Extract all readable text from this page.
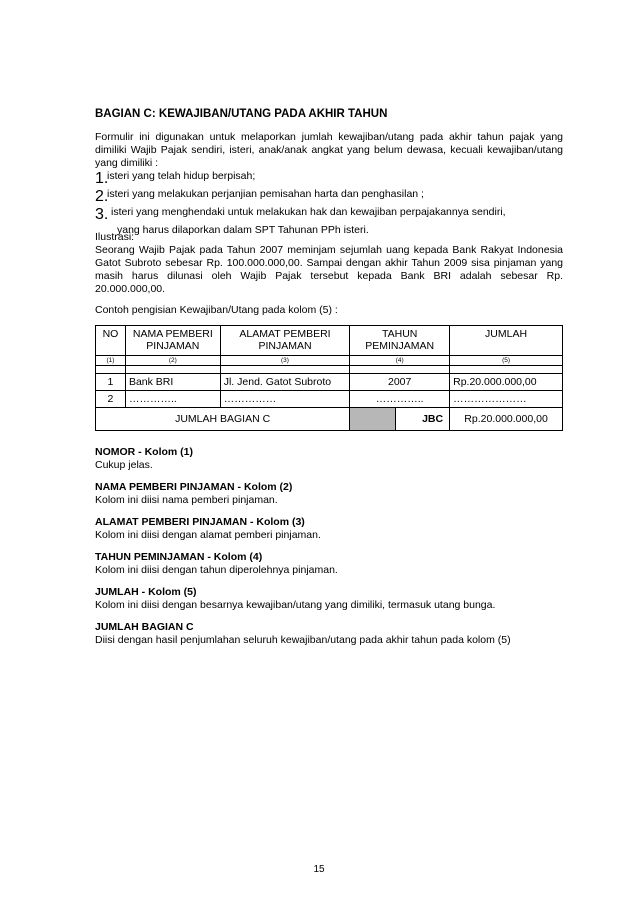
BAGIAN C: KEWAJIBAN/UTANG PADA AKHIR TAHUN

Formulir ini digunakan untuk melaporkan jumlah kewajiban/utang pada akhir tahun pajak yang dimiliki Wajib Pajak sendiri, isteri, anak/anak angkat yang belum dewasa, kecuali kewajiban/utang yang dimiliki :

1.

isteri yang telah hidup berpisah;

2.

isteri yang melakukan perjanjian pemisahan harta dan penghasilan ;

3. isteri yang menghendaki untuk melakukan hak dan kewajiban perpajakannya sendiri,

yang harus dilaporkan dalam SPT Tahunan PPh isteri.

Ilustrasi:

Seorang Wajib Pajak pada Tahun 2007 meminjam sejumlah uang kepada Bank Rakyat Indonesia Gatot Subroto sebesar Rp. 100.000.000,00. Sampai dengan akhir Tahun 2009 sisa pinjaman yang masih harus dilunasi oleh Wajib Pajak tersebut kepada Bank BRI adalah sebesar Rp. 20.000.000,00.

Contoh pengisian Kewajiban/Utang pada kolom (5) :

NO	NAMA PEMBERI PINJAMAN	ALAMAT PEMBERI PINJAMAN	TAHUN PEMINJAMAN	JUMLAH
(1)	(2)	(3)	(4)	(5)

1	Bank BRI	Jl. Jend. Gatot Subroto	2007	Rp.20.000.000,00
2	…………..	……………	…………..	…………………
JUMLAH BAGIAN C			JBC	Rp.20.000.000,00
NOMOR - Kolom (1)

Cukup jelas.

NAMA PEMBERI PINJAMAN - Kolom (2)

Kolom ini diisi nama pemberi pinjaman.

ALAMAT PEMBERI PINJAMAN - Kolom (3)

Kolom ini diisi dengan alamat pemberi pinjaman.

TAHUN PEMINJAMAN - Kolom (4)

Kolom ini diisi dengan tahun diperolehnya pinjaman.

JUMLAH - Kolom (5)

Kolom ini diisi dengan besarnya kewajiban/utang yang dimiliki, termasuk utang bunga.

JUMLAH BAGIAN C

Diisi dengan hasil penjumlahan seluruh kewajiban/utang pada akhir tahun pada kolom (5)

15
